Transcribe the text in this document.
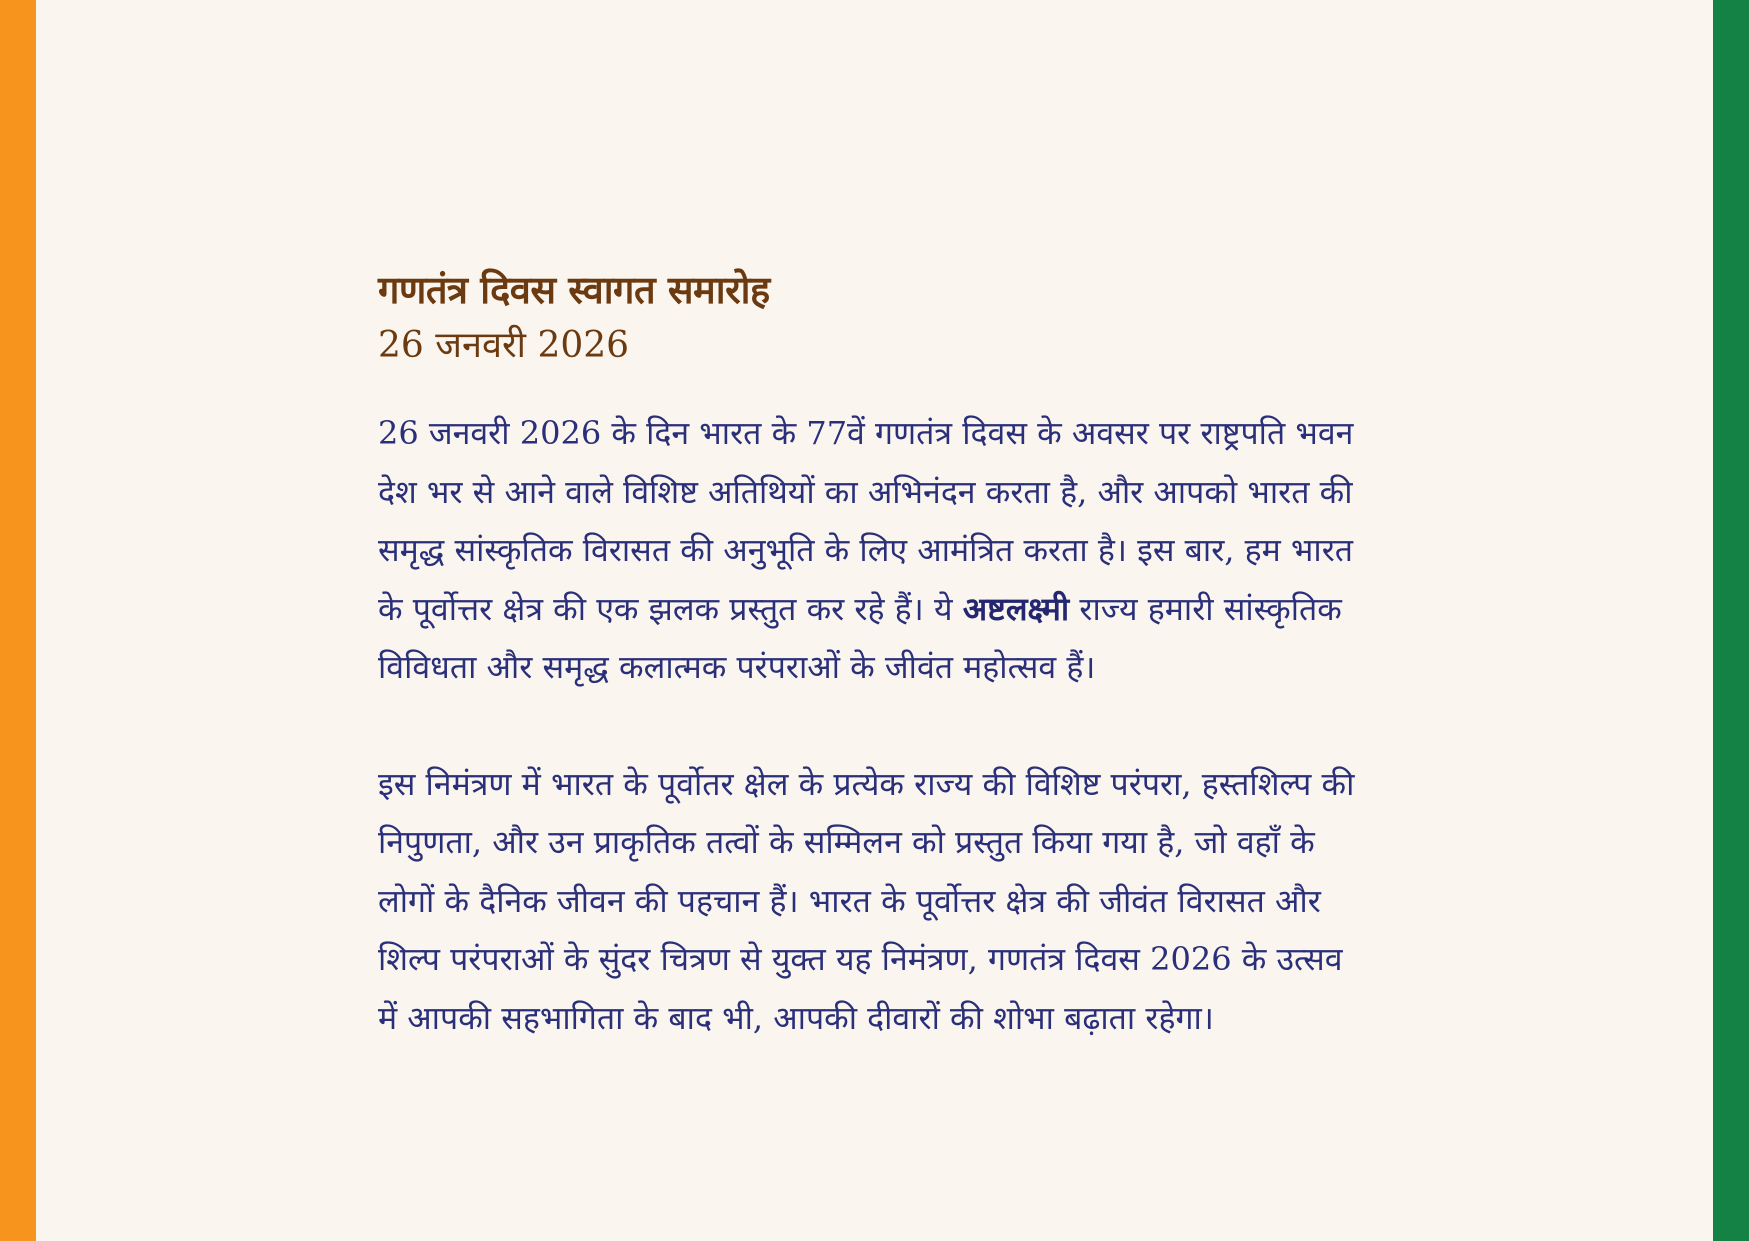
गणतंत्र दिवस स्वागत समारोह

26 जनवरी 2026

26 जनवरी 2026 के दिन भारत के 77वें गणतंत्र दिवस के अवसर पर राष्ट्रपति भवन देश भर से आने वाले विशिष्ट अतिथियों का अभिनंदन करता है, और आपको भारत की समृद्ध सांस्कृतिक विरासत की अनुभूति के लिए आमंत्रित करता है। इस बार, हम भारत के पूर्वोत्तर क्षेत्र की एक झलक प्रस्तुत कर रहे हैं। ये अष्टलक्ष्मी राज्य हमारी सांस्कृतिक विविधता और समृद्ध कलात्मक परंपराओं के जीवंत महोत्सव हैं।

इस निमंत्रण में भारत के पूर्वोतर क्षेल के प्रत्येक राज्य की विशिष्ट परंपरा, हस्तशिल्प की निपुणता, और उन प्राकृतिक तत्वों के सम्मिलन को प्रस्तुत किया गया है, जो वहाँ के लोगों के दैनिक जीवन की पहचान हैं। भारत के पूर्वोत्तर क्षेत्र की जीवंत विरासत और शिल्प परंपराओं के सुंदर चित्रण से युक्त यह निमंत्रण, गणतंत्र दिवस 2026 के उत्सव में आपकी सहभागिता के बाद भी, आपकी दीवारों की शोभा बढ़ाता रहेगा।
